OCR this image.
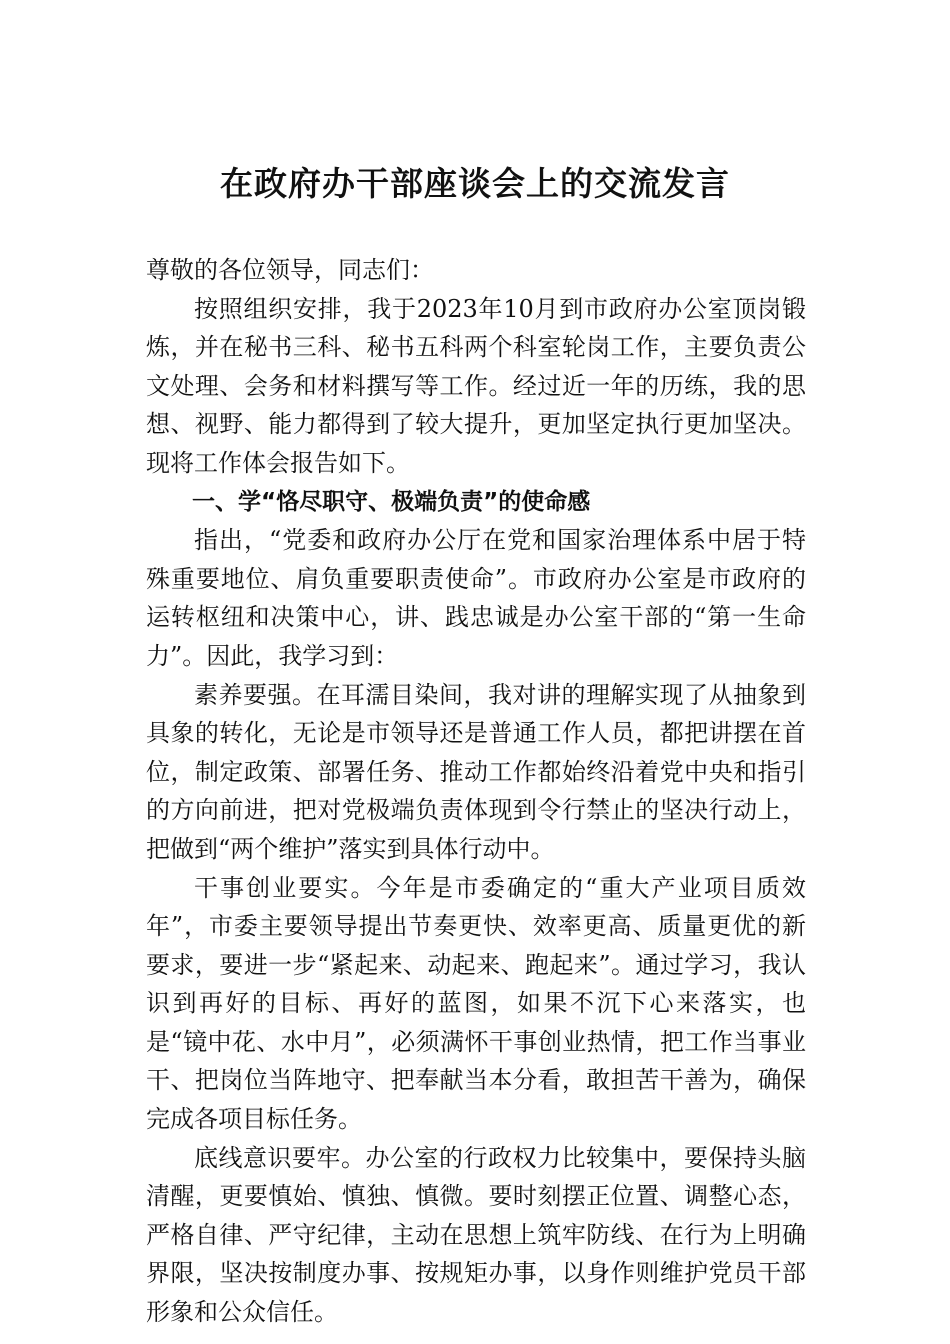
在政府办干部座谈会上的交流发言

尊敬的各位领导，同志们：

按照组织安排，我于2023年10月到市政府办公室顶岗锻炼，并在秘书三科、秘书五科两个科室轮岗工作，主要负责公文处理、会务和材料撰写等工作。经过近一年的历练，我的思想、视野、能力都得到了较大提升，更加坚定执行更加坚决。现将工作体会报告如下。

一、学“恪尽职守、极端负责”的使命感

指出，“党委和政府办公厅在党和国家治理体系中居于特殊重要地位、肩负重要职责使命”。市政府办公室是市政府的运转枢纽和决策中心，讲、践忠诚是办公室干部的“第一生命力”。因此，我学习到：

素养要强。在耳濡目染间，我对讲的理解实现了从抽象到具象的转化，无论是市领导还是普通工作人员，都把讲摆在首位，制定政策、部署任务、推动工作都始终沿着党中央和指引的方向前进，把对党极端负责体现到令行禁止的坚决行动上，把做到“两个维护”落实到具体行动中。

干事创业要实。今年是市委确定的“重大产业项目质效年”，市委主要领导提出节奏更快、效率更高、质量更优的新要求，要进一步“紧起来、动起来、跑起来”。通过学习，我认识到再好的目标、再好的蓝图，如果不沉下心来落实，也是“镜中花、水中月”，必须满怀干事创业热情，把工作当事业干、把岗位当阵地守、把奉献当本分看，敢担苦干善为，确保完成各项目标任务。

底线意识要牢。办公室的行政权力比较集中，要保持头脑清醒，更要慎始、慎独、慎微。要时刻摆正位置、调整心态，严格自律、严守纪律，主动在思想上筑牢防线、在行为上明确界限，坚决按制度办事、按规矩办事，以身作则维护党员干部形象和公众信任。
